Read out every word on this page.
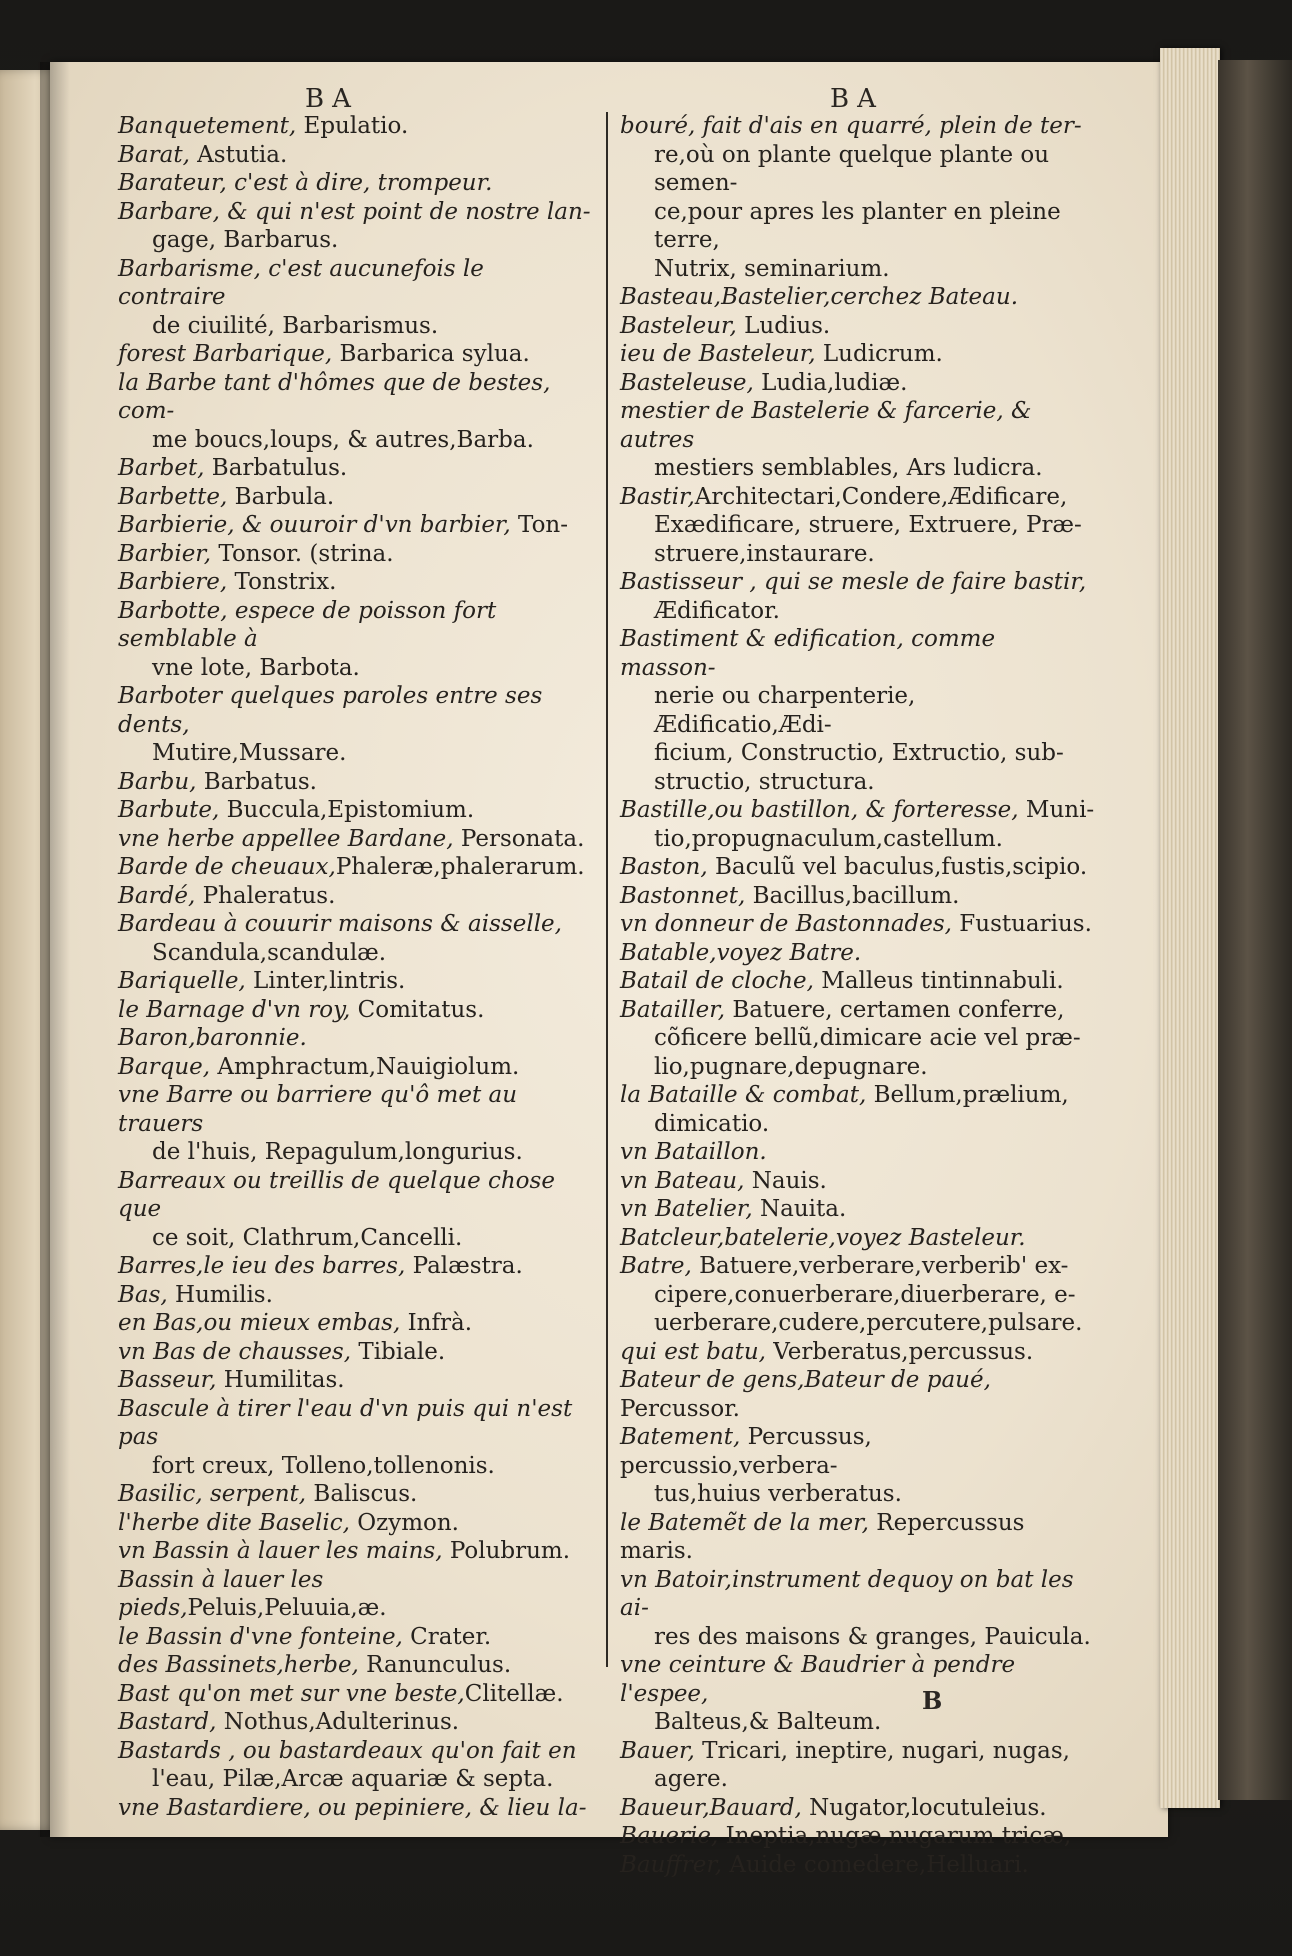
BA	BA
Banquetement, Epulatio.
Barat, Astutia.
Barateur, c'est à dire, trompeur.
Barbare, & qui n'est point de nostre lan-
gage, Barbarus.
Barbarisme, c'est aucunefois le contraire
de ciuilité, Barbarismus.
forest Barbarique, Barbarica sylua.
la Barbe tant d'hômes que de bestes, com-
me boucs,loups, & autres,Barba.
Barbet, Barbatulus.
Barbette, Barbula.
Barbierie, & ouuroir d'vn barbier, Ton-
Barbier, Tonsor. (strina.
Barbiere, Tonstrix.
Barbotte, espece de poisson fort semblable à
vne lote, Barbota.
Barboter quelques paroles entre ses dents,
Mutire,Mussare.
Barbu, Barbatus.
Barbute, Buccula,Epistomium.
vne herbe appellee Bardane, Personata.
Barde de cheuaux,Phaleræ,phalerarum.
Bardé, Phaleratus.
Bardeau à couurir maisons & aisselle,
Scandula,scandulæ.
Bariquelle, Linter,lintris.
le Barnage d'vn roy, Comitatus.
Baron,baronnie.
Barque, Amphractum,Nauigiolum.
vne Barre ou barriere qu'ô met au trauers
de l'huis, Repagulum,longurius.
Barreaux ou treillis de quelque chose que
ce soit, Clathrum,Cancelli.
Barres,le ieu des barres, Palæstra.
Bas, Humilis.
en Bas,ou mieux embas, Infrà.
vn Bas de chausses, Tibiale.
Basseur, Humilitas.
Bascule à tirer l'eau d'vn puis qui n'est pas
fort creux, Tolleno,tollenonis.
Basilic, serpent, Baliscus.
l'herbe dite Baselic, Ozymon.
vn Bassin à lauer les mains, Polubrum.
Bassin à lauer les pieds,Peluis,Peluuia,æ.
le Bassin d'vne fonteine, Crater.
des Bassinets,herbe, Ranunculus.
Bast qu'on met sur vne beste,Clitellæ.
Bastard, Nothus,Adulterinus.
Bastards , ou bastardeaux qu'on fait en
l'eau, Pilæ,Arcæ aquariæ & septa.
vne Bastardiere, ou pepiniere, & lieu la-
bouré, fait d'ais en quarré, plein de ter-
re,où on plante quelque plante ou semen-
ce,pour apres les planter en pleine terre,
Nutrix, seminarium.
Basteau,Bastelier,cerchez Bateau.
Basteleur, Ludius.
ieu de Basteleur, Ludicrum.
Basteleuse, Ludia,ludiæ.
mestier de Bastelerie & farcerie, & autres
mestiers semblables, Ars ludicra.
Bastir,Architectari,Condere,Ædificare,
Exædificare, struere, Extruere, Præ-
struere,instaurare.
Bastisseur , qui se mesle de faire bastir,
Ædificator.
Bastiment & edification, comme masson-
nerie ou charpenterie, Ædificatio,Ædi-
ficium, Constructio, Extructio, sub-
structio, structura.
Bastille,ou bastillon, & forteresse, Muni-
tio,propugnaculum,castellum.
Baston, Baculũ vel baculus,fustis,scipio.
Bastonnet, Bacillus,bacillum.
vn donneur de Bastonnades, Fustuarius.
Batable,voyez Batre.
Batail de cloche, Malleus tintinnabuli.
Batailler, Batuere, certamen conferre,
cõficere bellũ,dimicare acie vel præ-
lio,pugnare,depugnare.
la Bataille & combat, Bellum,prælium,
dimicatio.
vn Bataillon.
vn Bateau, Nauis.
vn Batelier, Nauita.
Batcleur,batelerie,voyez Basteleur.
Batre, Batuere,verberare,verberib' ex-
cipere,conuerberare,diuerberare, e-
uerberare,cudere,percutere,pulsare.
qui est batu, Verberatus,percussus.
Bateur de gens,Bateur de paué, Percussor.
Batement, Percussus, percussio,verbera-
tus,huius verberatus.
le Batemẽt de la mer, Repercussus maris.
vn Batoir,instrument dequoy on bat les ai-
res des maisons & granges, Pauicula.
vne ceinture & Baudrier à pendre l'espee,
Balteus,& Balteum.
Bauer, Tricari, ineptire, nugari, nugas,
agere.
Baueur,Bauard, Nugator,locutuleius.
Bauerie, Ineptia,nugæ,nugarum tricæ,
Bauffrer, Auide comedere,Helluari.
B
